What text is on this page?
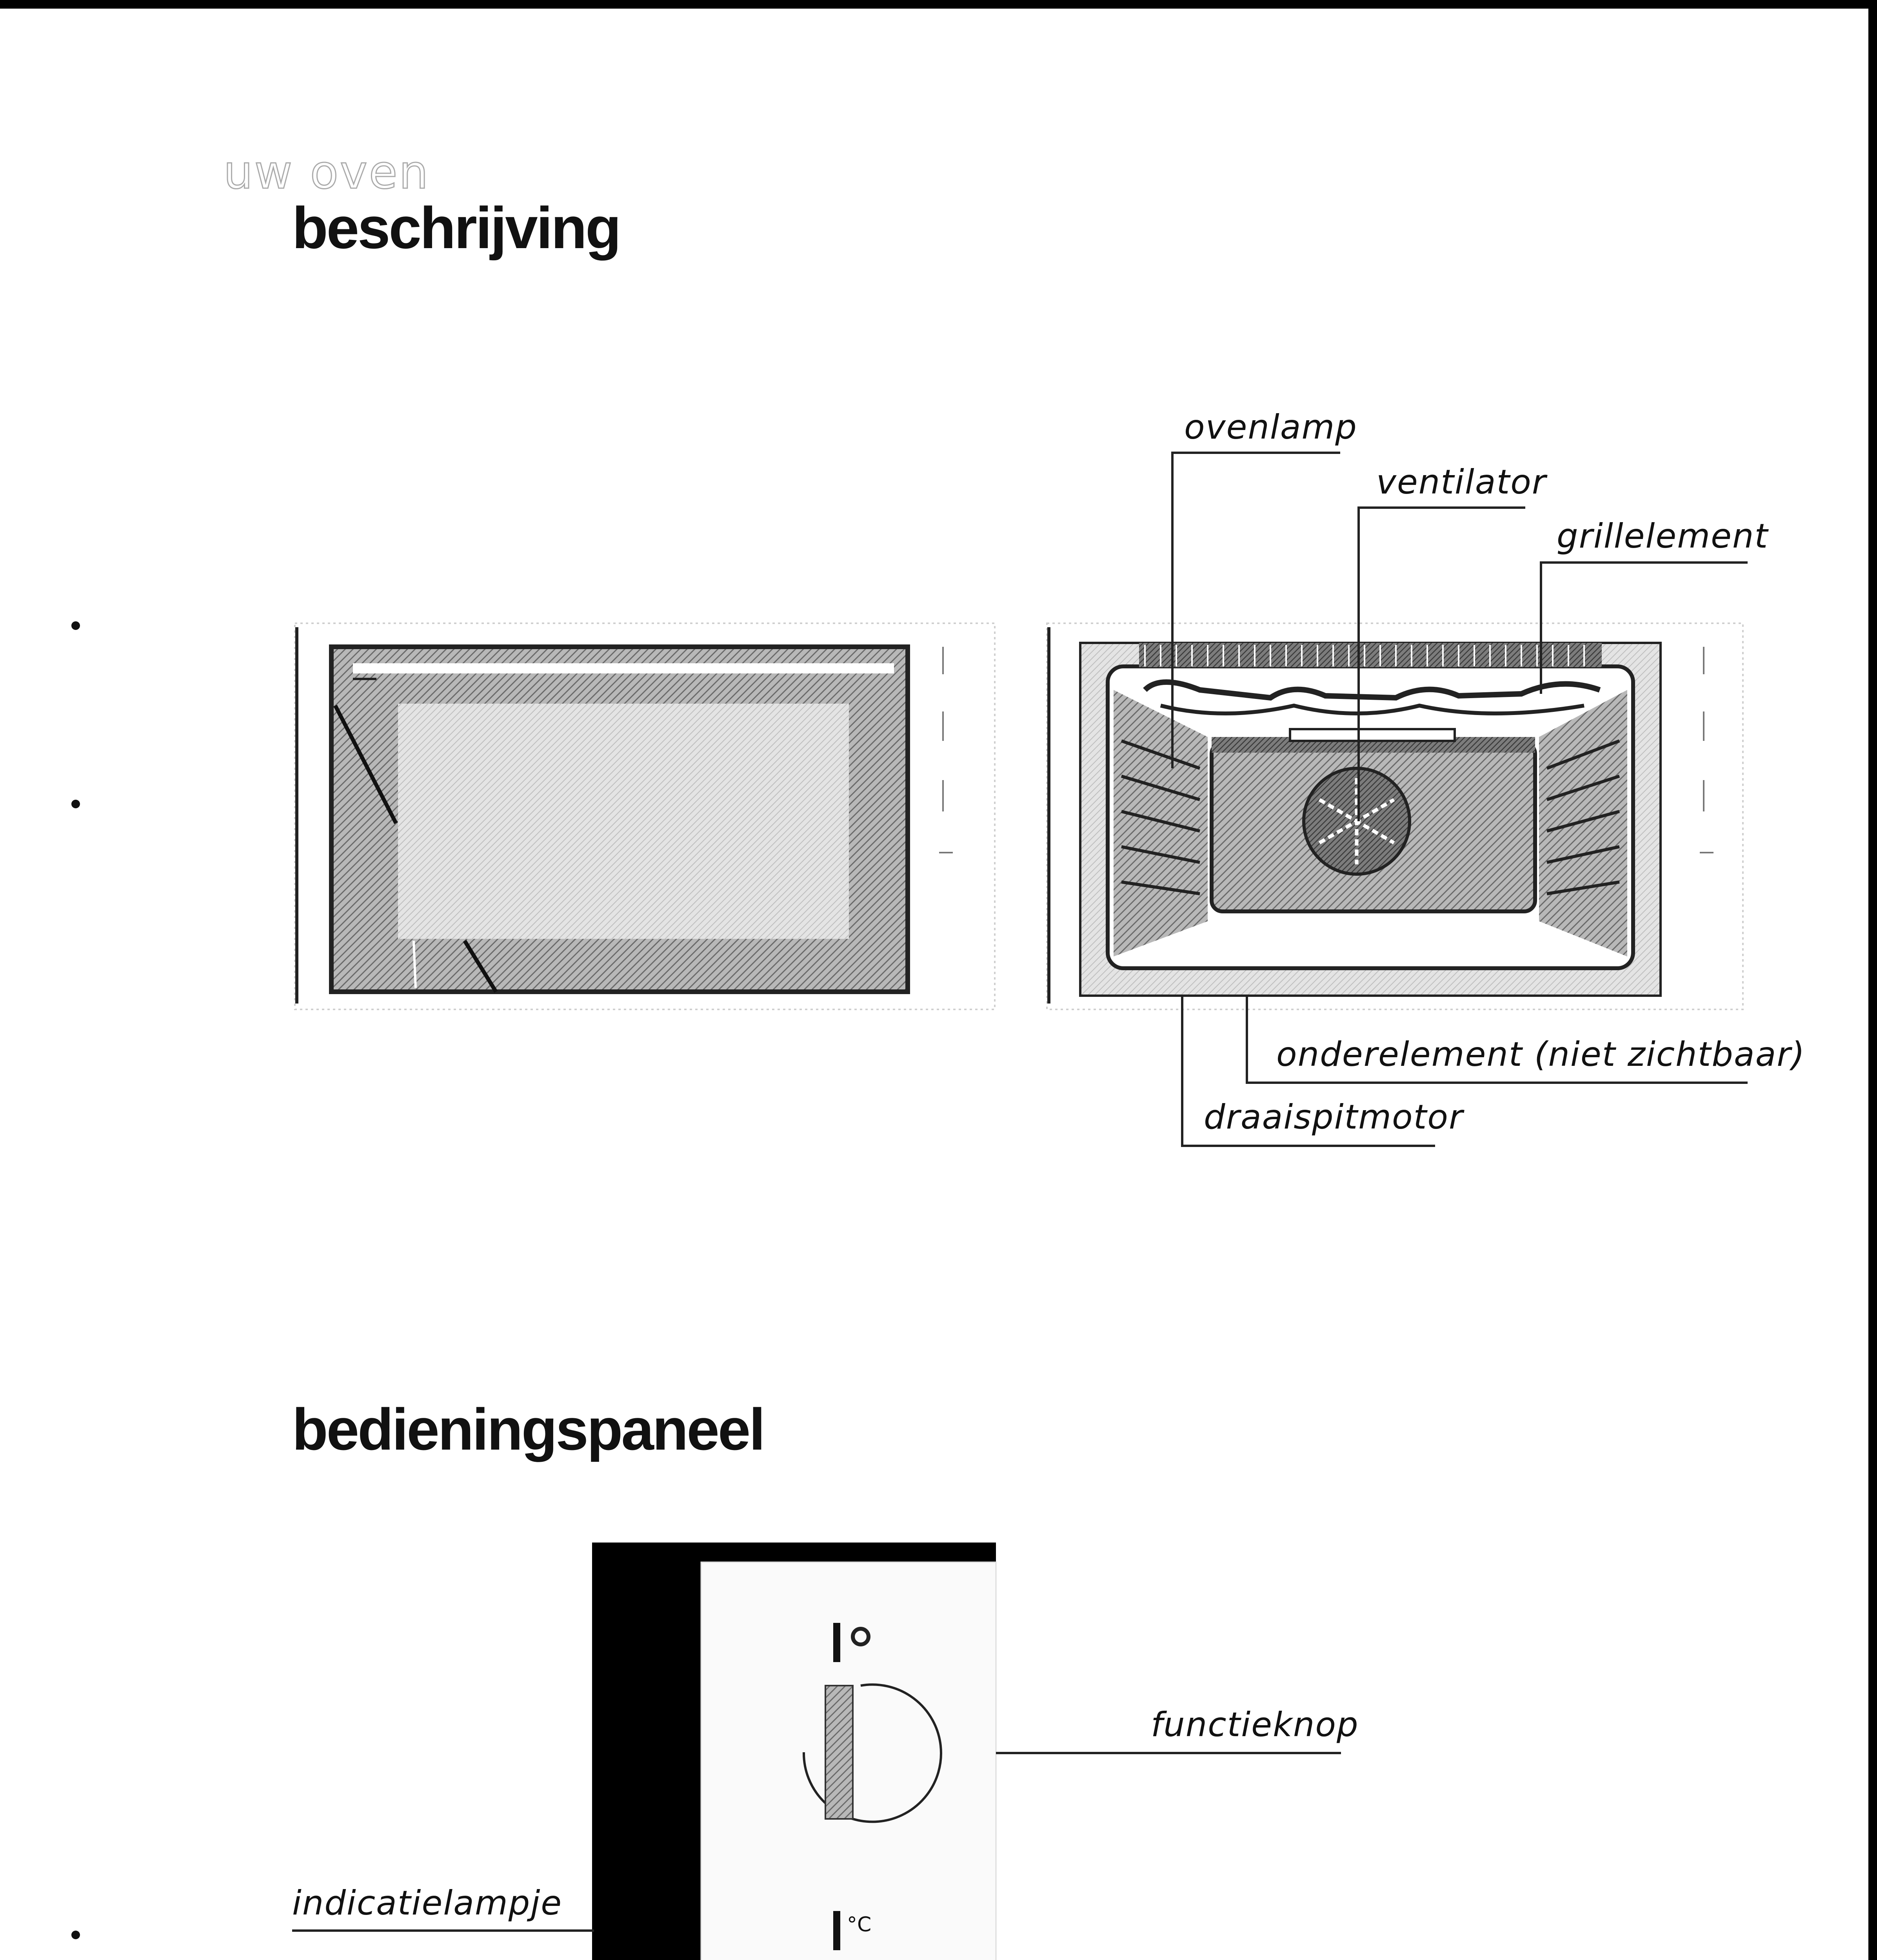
uw oven
beschrijving
ovenlamp
ventilator
grillelement
onderelement (niet zichtbaar)
draaispitmotor
bedieningspaneel
functieknop
indicatielampje
°C
